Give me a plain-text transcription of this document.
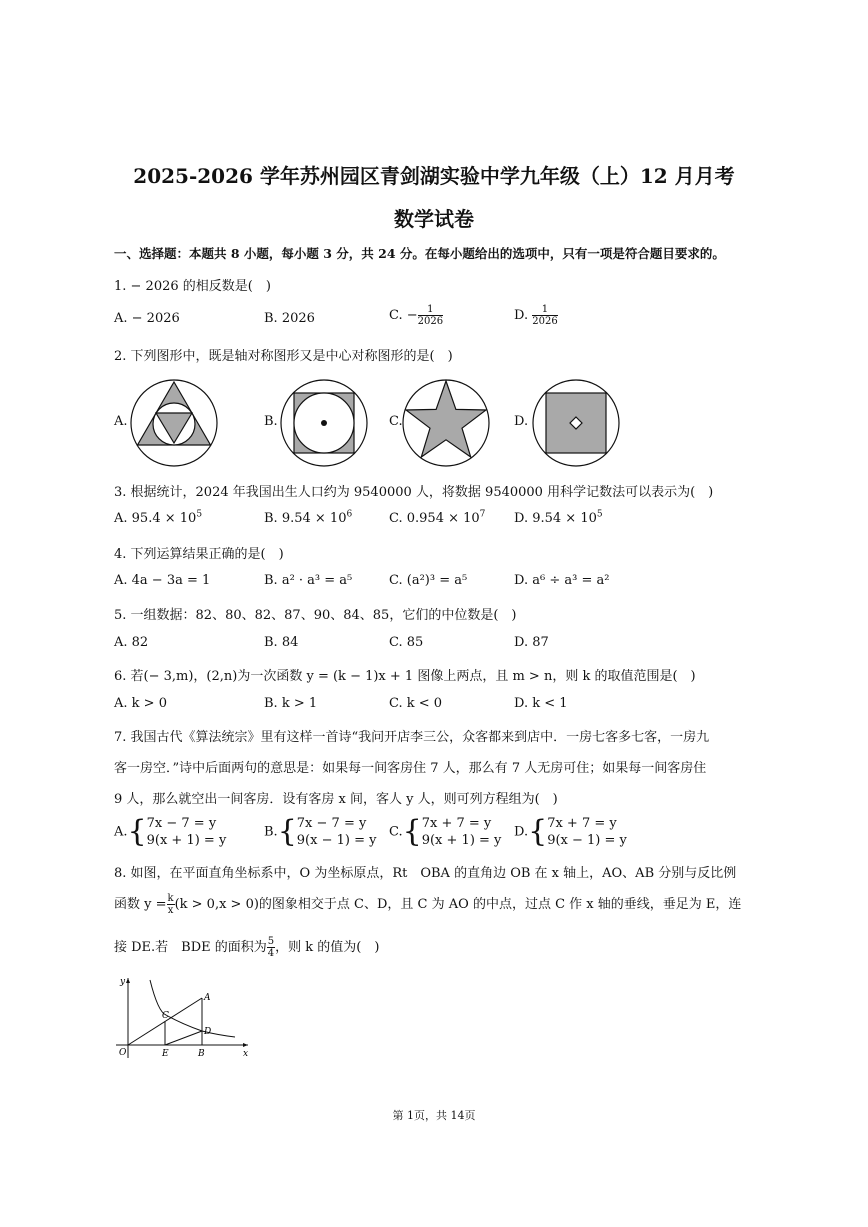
2025-2026 学年苏州园区青剑湖实验中学九年级（上）12 月月考
数学试卷
一、选择题：本题共 8 小题，每小题 3 分，共 24 分。在每小题给出的选项中，只有一项是符合题目要求的。
1. − 2026 的相反数是(　)
A. − 2026	B. 2026	C. − $\frac{1}{2026}$	D. $\frac{1}{2026}$
2. 下列图形中，既是轴对称图形又是中心对称图形的是(　)
A.	B.	C.	D.
3. 根据统计，2024 年我国出生人口约为 9540000 人，将数据 9540000 用科学记数法可以表示为(　)
A. $95.4 \times 10^5$	B. $9.54 \times 10^6$	C. $0.954 \times 10^7$ D. $9.54 \times 10^5$
4. 下列运算结果正确的是(　)
A. 4a − 3a = 1	B. a² · a³ = a⁵	C. (a²)³ = a⁵	D. a⁶ ÷ a³ = a²
5. 一组数据：82、80、82、87、90、84、85，它们的中位数是(　)
A. 82	B. 84	C. 85	D. 87
6. 若(− 3,m)，(2,n)为一次函数 y = (k − 1)x + 1 图像上两点，且 m > n，则 k 的取值范围是(　)
A. k > 0	B. k > 1	C. k < 0	D. k < 1
7. 我国古代《算法统宗》里有这样一首诗“我问开店李三公，众客都来到店中．一房七客多七客，一房九
客一房空．”诗中后面两句的意思是：如果每一间客房住 7 人，那么有 7 人无房可住；如果每一间客房住
9 人，那么就空出一间客房．设有客房 x 间，客人 y 人，则可列方程组为(　)
A.{ 7x − 7 = y
9(x + 1) = y
B.{ 7x − 7 = y
9(x − 1) = y
C.{ 7x + 7 = y
9(x + 1) = y
D.{ 7x + 7 = y
9(x − 1) = y
8. 如图，在平面直角坐标系中，O 为坐标原点，Rt　OBA 的直角边 OB 在 x 轴上，AO、AB 分别与反比例
函数 $y = \frac{k}{x} (k > 0,x > 0)$的图象相交于点 C、D，且 C 为 AO 的中点，过点 C 作 x 轴的垂线，垂足为 E，连
接 DE.若　BDE 的面积为 $\frac{5}{4}$ ，则 k 的值为(　)
y
x
O	E	B
C
A
D
第 1页，共 14页
